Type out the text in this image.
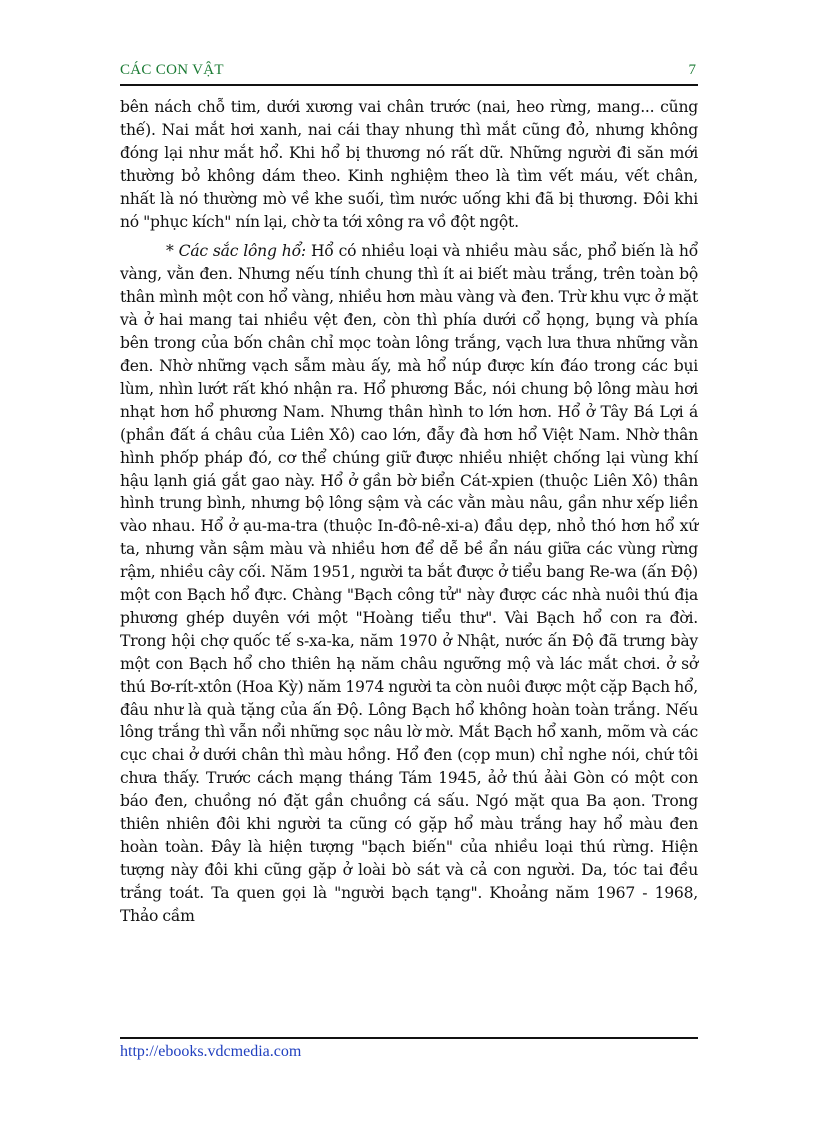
CÁC CON VẬT	7

bên nách chỗ tim, dưới xương vai chân trước (nai, heo rừng, mang... cũng thế). Nai mắt hơi xanh, nai cái thay nhung thì mắt cũng đỏ, nhưng không đóng lại như mắt hổ. Khi hổ bị thương nó rất dữ. Những người đi săn mới thường bỏ không dám theo. Kinh nghiệm theo là tìm vết máu, vết chân, nhất là nó thường mò về khe suối, tìm nước uống khi đã bị thương. Đôi khi nó "phục kích" nín lại, chờ ta tới xông ra vồ đột ngột.

* Các sắc lông hổ: Hổ có nhiều loại và nhiều màu sắc, phổ biến là hổ vàng, vằn đen. Nhưng nếu tính chung thì ít ai biết màu trắng, trên toàn bộ thân mình một con hổ vàng, nhiều hơn màu vàng và đen. Trừ khu vực ở mặt và ở hai mang tai nhiều vệt đen, còn thì phía dưới cổ họng, bụng và phía bên trong của bốn chân chỉ mọc toàn lông trắng, vạch lưa thưa những vằn đen. Nhờ những vạch sẫm màu ấy, mà hổ núp được kín đáo trong các bụi lùm, nhìn lướt rất khó nhận ra. Hổ phương Bắc, nói chung bộ lông màu hơi nhạt hơn hổ phương Nam. Nhưng thân hình to lớn hơn. Hổ ở Tây Bá Lợi á (phần đất á châu của Liên Xô) cao lớn, đẫy đà hơn hổ Việt Nam. Nhờ thân hình phốp pháp đó, cơ thể chúng giữ được nhiều nhiệt chống lại vùng khí hậu lạnh giá gắt gao này. Hổ ở gần bờ biển Cát-xpien (thuộc Liên Xô) thân hình trung bình, nhưng bộ lông sậm và các vằn màu nâu, gần như xếp liền vào nhau. Hổ ở ạu-ma-tra (thuộc In-đô-nê-xi-a) đầu dẹp, nhỏ thó hơn hổ xứ ta, nhưng vằn sậm màu và nhiều hơn để dễ bề ẩn náu giữa các vùng rừng rậm, nhiều cây cối. Năm 1951, người ta bắt được ở tiểu bang Re-wa (ấn Độ) một con Bạch hổ đực. Chàng "Bạch công tử" này được các nhà nuôi thú địa phương ghép duyên với một "Hoàng tiểu thư". Vài Bạch hổ con ra đời. Trong hội chợ quốc tế s-xa-ka, năm 1970 ở Nhật, nước ấn Độ đã trưng bày một con Bạch hổ cho thiên hạ năm châu ngưỡng mộ và lác mắt chơi. ở sở thú Bơ-rít-xtôn (Hoa Kỳ) năm 1974 người ta còn nuôi được một cặp Bạch hổ, đâu như là quà tặng của ấn Độ. Lông Bạch hổ không hoàn toàn trắng. Nếu lông trắng thì vẫn nổi những sọc nâu lờ mờ. Mắt Bạch hổ xanh, mõm và các cục chai ở dưới chân thì màu hồng. Hổ đen (cọp mun) chỉ nghe nói, chứ tôi chưa thấy. Trước cách mạng tháng Tám 1945, ảở thú ảài Gòn có một con báo đen, chuồng nó đặt gần chuồng cá sấu. Ngó mặt qua Ba ạon. Trong thiên nhiên đôi khi người ta cũng có gặp hổ màu trắng hay hổ màu đen hoàn toàn. Đây là hiện tượng "bạch biến" của nhiều loại thú rừng. Hiện tượng này đôi khi cũng gặp ở loài bò sát và cả con người. Da, tóc tai đều trắng toát. Ta quen gọi là "người bạch tạng". Khoảng năm 1967 - 1968, Thảo cầm

http://ebooks.vdcmedia.com
